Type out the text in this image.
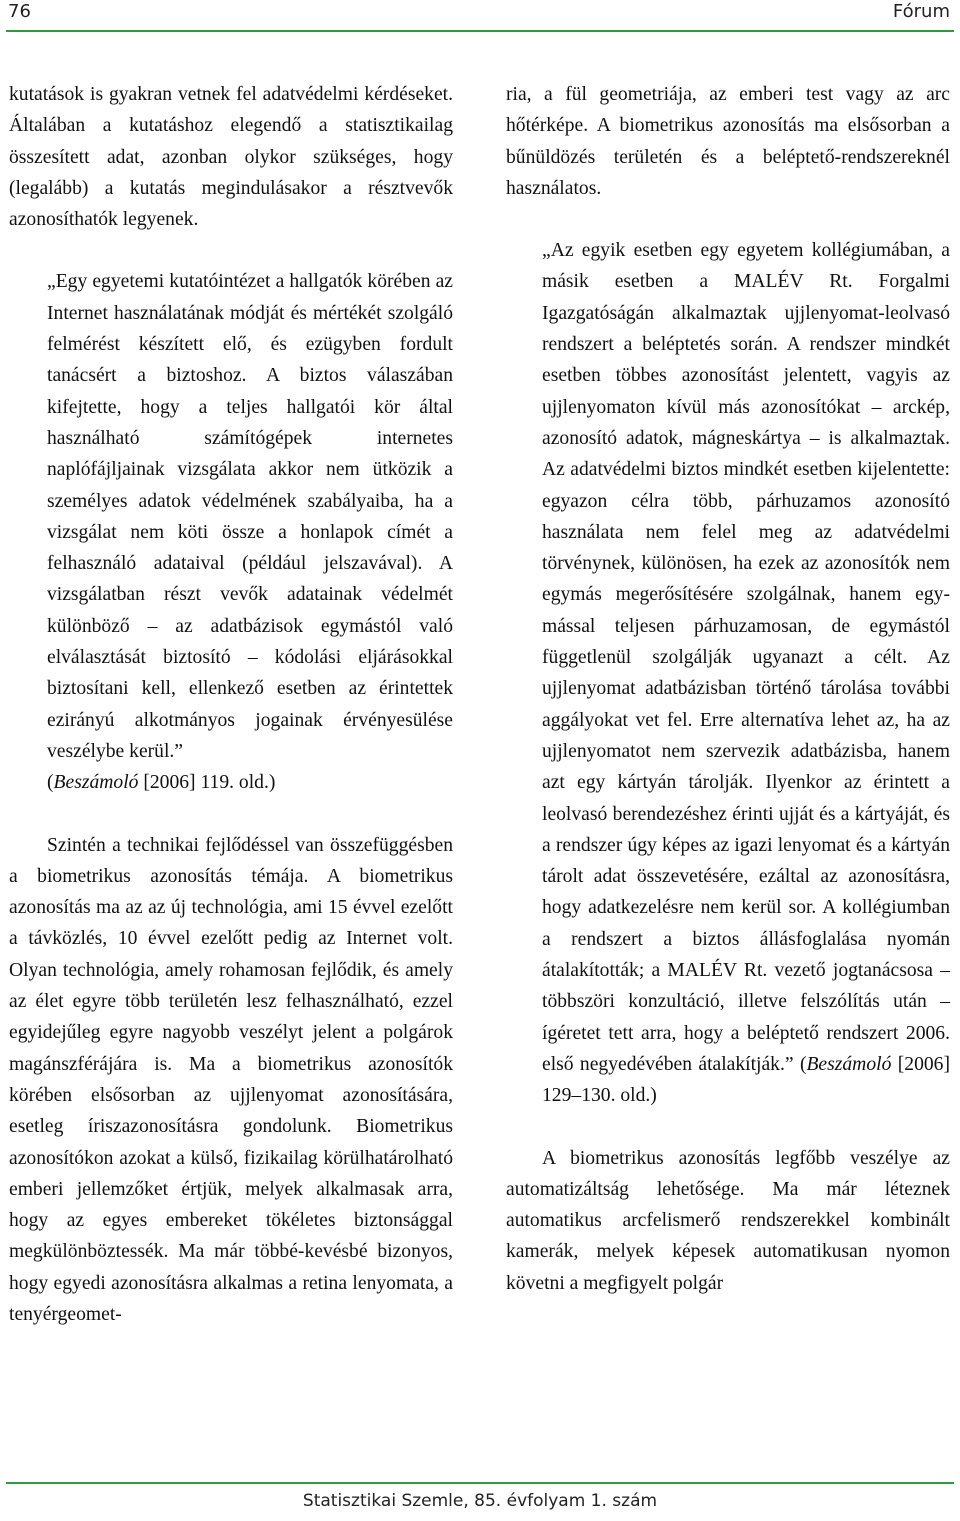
76	Fórum

kutatások is gyakran vetnek fel adatvédelmi kérdéseket. Általában a kutatáshoz elegendő a statisztikailag összesített adat, azonban olykor szükséges, hogy (legalább) a kutatás megindulásakor a résztvevők azonosíthatók legyenek.

„Egy egyetemi kutatóintézet a hallgatók körében az Internet használatának módját és mértékét szolgáló felmérést készített elő, és ezügyben fordult tanácsért a biztoshoz. A biztos válaszában kifejtette, hogy a teljes hallgatói kör által használható számítógépek internetes naplófájljainak vizsgálata akkor nem ütközik a személyes adatok védelmének szabályaiba, ha a vizsgálat nem köti össze a honlapok címét a felhasználó adataival (például jelszavával). A vizsgálatban részt vevők adatainak védelmét különböző – az adatbázisok egymástól való elválasztását biztosító – kódolási eljárásokkal biztosítani kell, ellenkező esetben az érintettek ezirányú alkotmányos jogainak érvényesülése veszélybe kerül.”
(Beszámoló [2006] 119. old.)

Szintén a technikai fejlődéssel van összefüggésben a biometrikus azonosítás témája. A biometrikus azonosítás ma az az új technológia, ami 15 évvel ezelőtt a távközlés, 10 évvel ezelőtt pedig az Internet volt. Olyan technológia, amely rohamosan fejlődik, és amely az élet egyre több területén lesz felhasználható, ezzel egyidejűleg egyre nagyobb veszélyt jelent a polgárok magánszférájára is. Ma a biometrikus azonosítók körében elsősorban az ujjlenyomat azonosítására, esetleg íriszazonosításra gondolunk. Biometrikus azonosítókon azokat a külső, fizikailag körülhatárolható emberi jellemzőket értjük, melyek alkalmasak arra, hogy az egyes embereket tökéletes biztonsággal megkülönböztessék. Ma már többé-kevésbé bizonyos, hogy egyedi azonosításra alkalmas a retina lenyomata, a tenyérgeomet-

ria, a fül geometriája, az emberi test vagy az arc hőtérképe. A biometrikus azonosítás ma elsősorban a bűnüldözés területén és a beléptető-rendszereknél használatos.

„Az egyik esetben egy egyetem kollégiumában, a másik esetben a MALÉV Rt. Forgalmi Igazgatóságán alkalmaztak ujjlenyomat-leolvasó rendszert a beléptetés során. A rendszer mindkét esetben többes azonosítást jelentett, vagyis az ujjlenyomaton kívül más azonosítókat – arckép, azonosító adatok, mágneskártya – is alkalmaztak. Az adatvédelmi biztos mindkét esetben kijelentette: egyazon célra több, párhuzamos azonosító használata nem felel meg az adatvédelmi törvénynek, különösen, ha ezek az azonosítók nem egymás megerősítésére szolgálnak, hanem egymással teljesen párhuzamosan, de egymástól függetlenül szolgálják ugyanazt a célt. Az ujjlenyomat adatbázisban történő tárolása további aggályokat vet fel. Erre alternatíva lehet az, ha az ujjlenyomatot nem szervezik adatbázisba, hanem azt egy kártyán tárolják. Ilyenkor az érintett a leolvasó berendezéshez érinti ujját és a kártyáját, és a rendszer úgy képes az igazi lenyomat és a kártyán tárolt adat összevetésére, ezáltal az azonosításra, hogy adatkezelésre nem kerül sor. A kollégiumban a rendszert a biztos állásfoglalása nyomán átalakították; a MALÉV Rt. vezető jogtanácsosa – többszöri konzultáció, illetve felszólítás után – ígéretet tett arra, hogy a beléptető rendszert 2006. első negyedévében átalakítják.” (Beszámoló [2006] 129–130. old.)

A biometrikus azonosítás legfőbb veszélye az automatizáltság lehetősége. Ma már léteznek automatikus arcfelismerő rendszerekkel kombinált kamerák, melyek képesek automatikusan nyomon követni a megfigyelt polgár

Statisztikai Szemle, 85. évfolyam 1. szám
